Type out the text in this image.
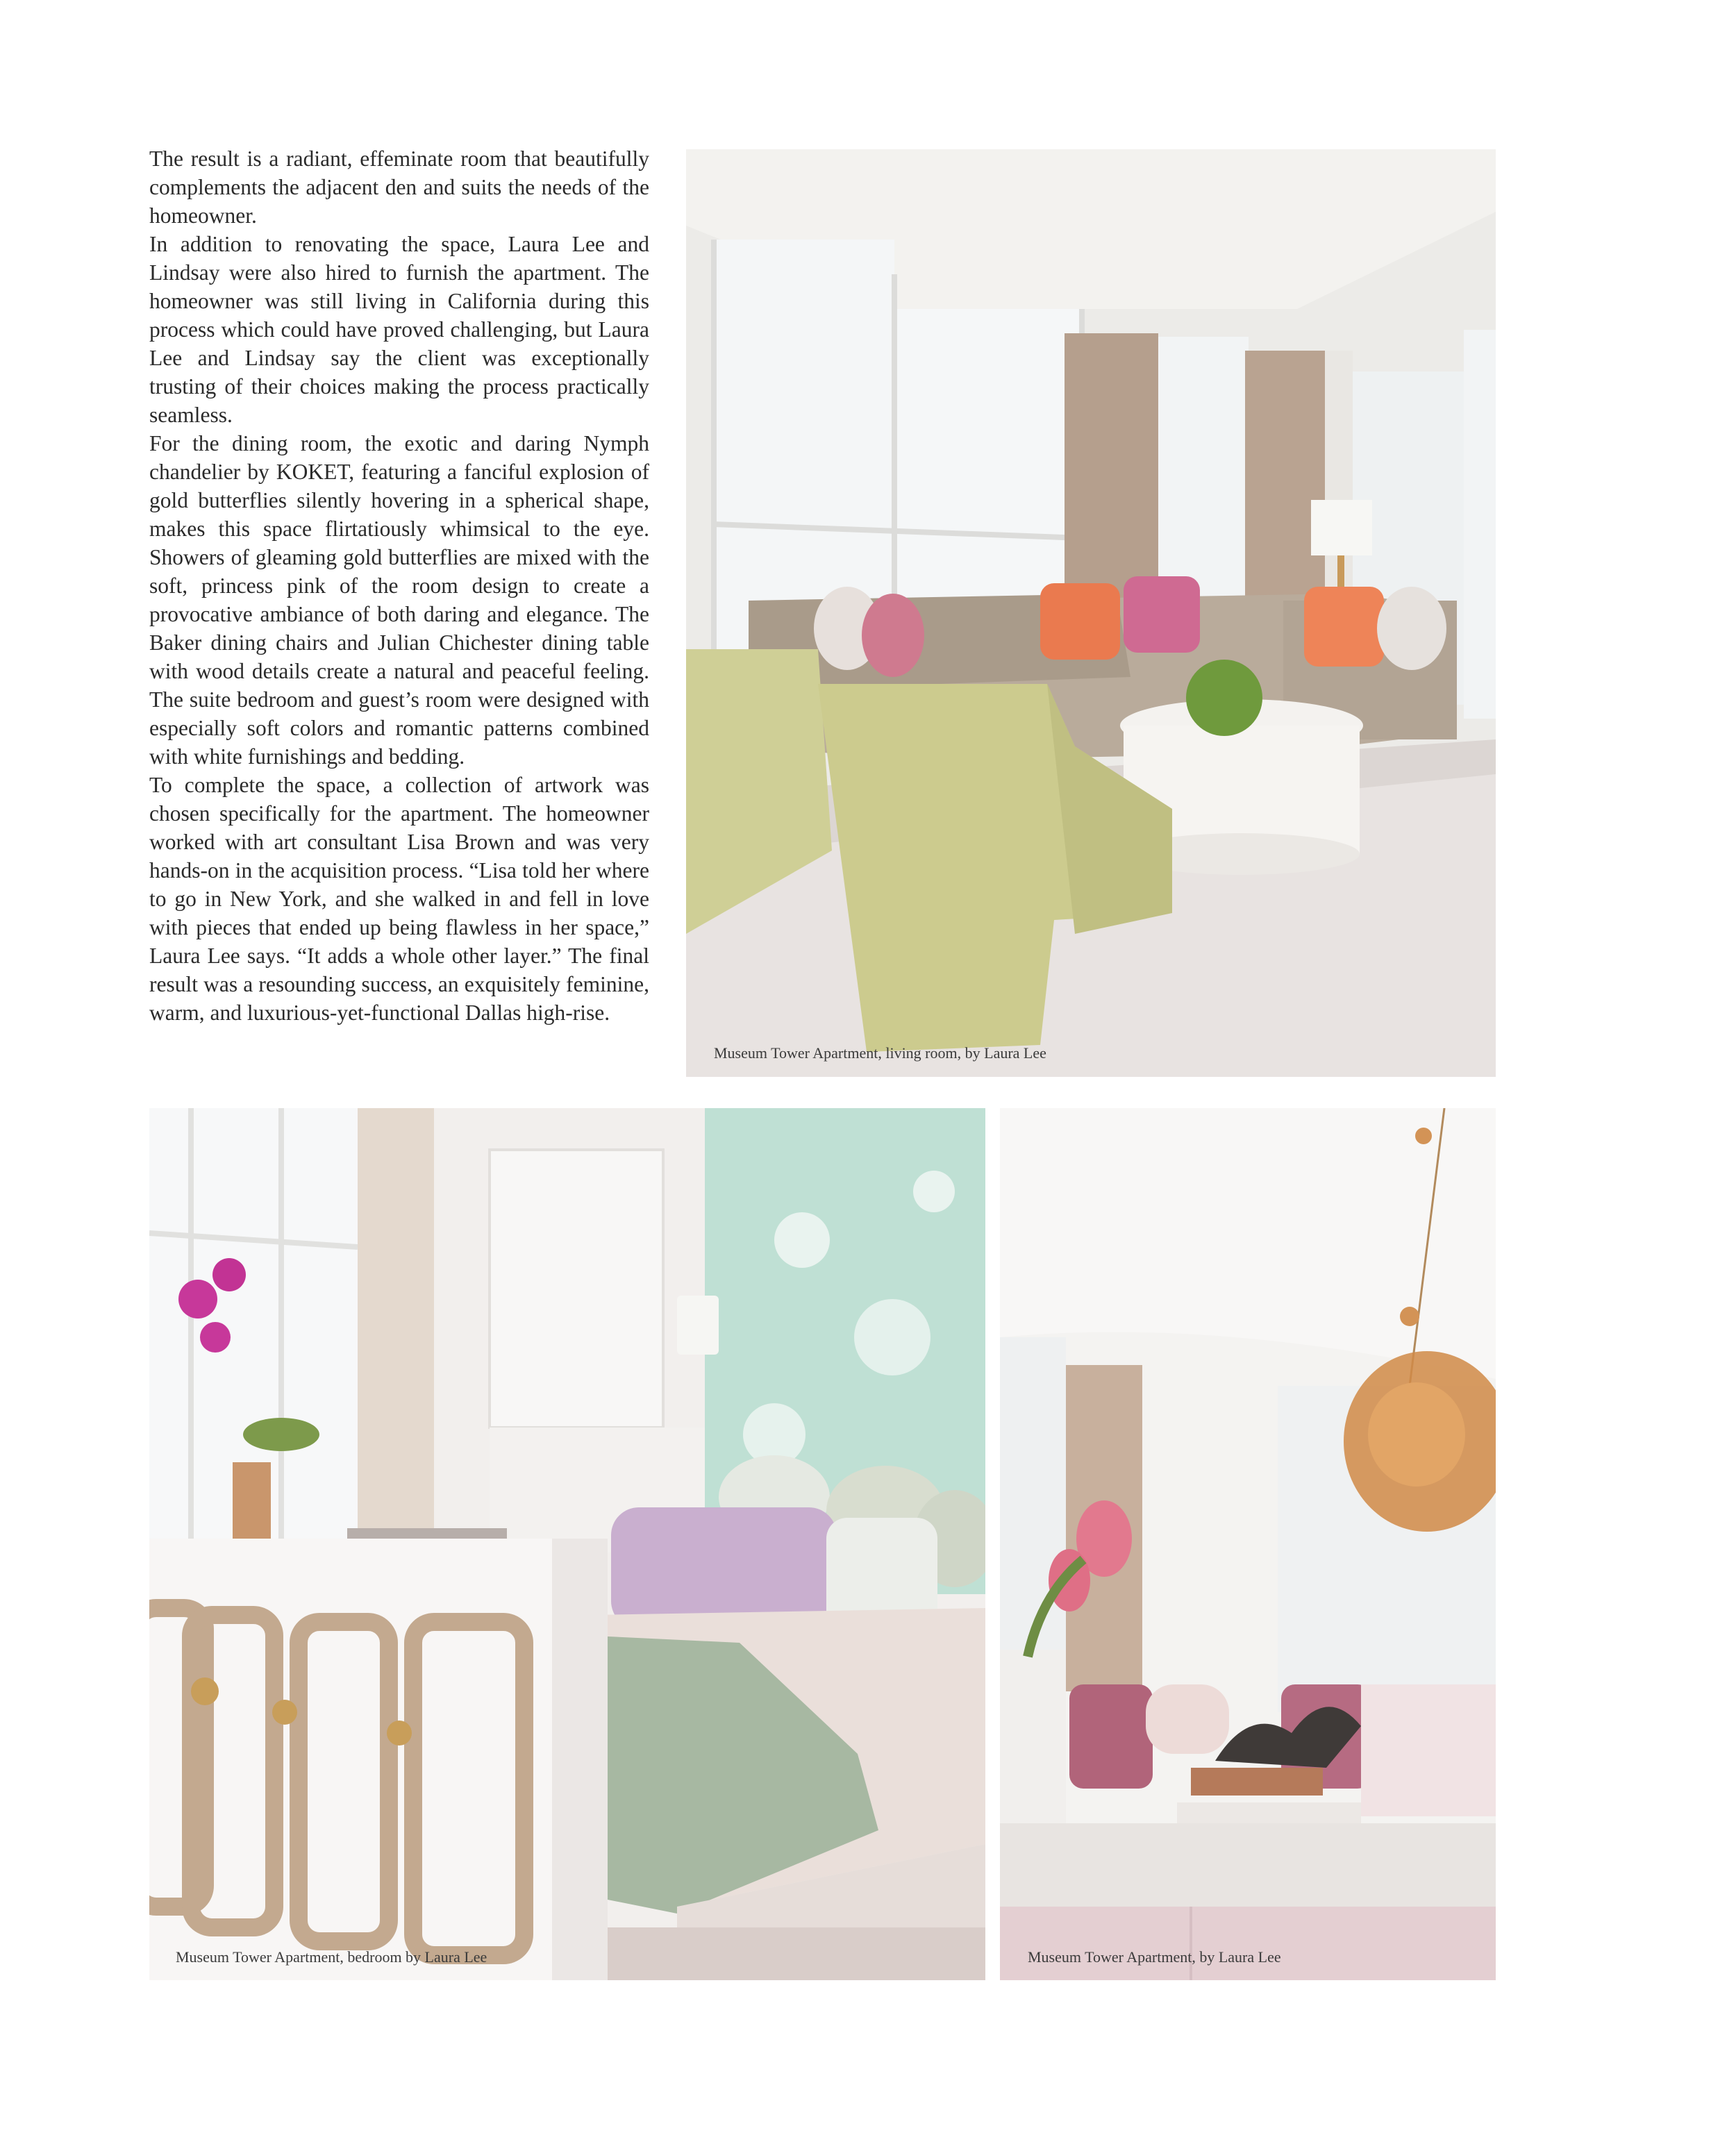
The result is a radiant, effeminate room that beautifully complements the adjacent den and suits the needs of the homeowner.

In addition to renovating the space, Laura Lee and Lindsay were also hired to furnish the apartment. The homeowner was still living in California during this process which could have proved challenging, but Laura Lee and Lindsay say the client was exceptionally trusting of their choices making the process practically seamless.

For the dining room, the exotic and daring Nymph chandelier by KOKET, featuring a fanciful explosion of gold butterflies silently hovering in a spherical shape, makes this space flirtatiously whimsical to the eye. Showers of gleaming gold butterflies are mixed with the soft, princess pink of the room design to create a provocative ambiance of both daring and elegance. The Baker dining chairs and Julian Chichester dining table with wood details create a natural and peaceful feeling. The suite bedroom and guest’s room were designed with especially soft colors and romantic patterns combined with white furnishings and bedding.

To complete the space, a collection of artwork was chosen specifically for the apartment. The homeowner worked with art consultant Lisa Brown and was very hands-on in the acquisition process. “Lisa told her where to go in New York, and she walked in and fell in love with pieces that ended up being flawless in her space,” Laura Lee says. “It adds a whole other layer.” The final result was a resounding success, an exquisitely feminine, warm, and luxurious-yet-functional Dallas high-rise.

Museum Tower Apartment, living room, by Laura Lee
Museum Tower Apartment, bedroom by Laura Lee	Museum Tower Apartment, by Laura Lee
